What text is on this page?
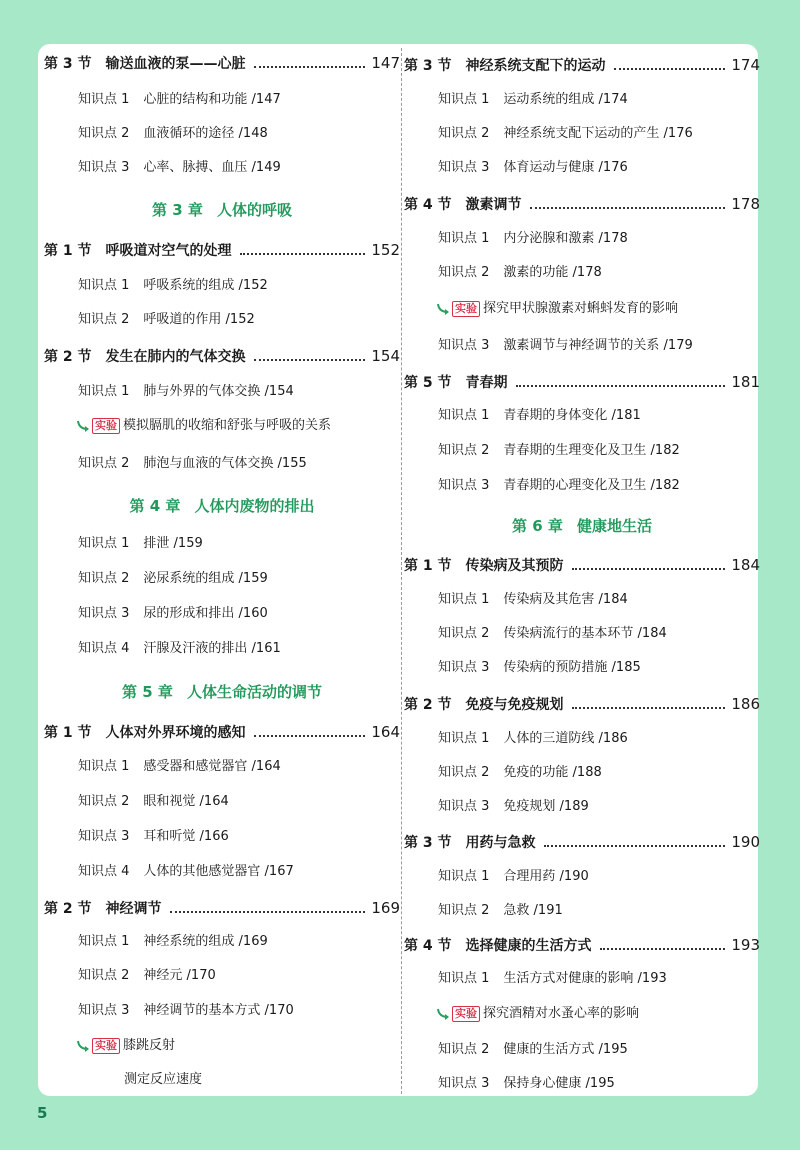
第 3 节 输送血液的泵——心脏	147
知识点 1 心脏的结构和功能 /147
知识点 2 血液循环的途径 /148
知识点 3 心率、脉搏、血压 /149
第 3 章 人体的呼吸
第 1 节 呼吸道对空气的处理	152
知识点 1 呼吸系统的组成 /152
知识点 2 呼吸道的作用 /152
第 2 节 发生在肺内的气体交换	154
知识点 1 肺与外界的气体交换 /154
实验 模拟膈肌的收缩和舒张与呼吸的关系
知识点 2 肺泡与血液的气体交换 /155
第 4 章 人体内废物的排出
知识点 1 排泄 /159
知识点 2 泌尿系统的组成 /159
知识点 3 尿的形成和排出 /160
知识点 4 汗腺及汗液的排出 /161
第 5 章 人体生命活动的调节
第 1 节 人体对外界环境的感知	164
知识点 1 感受器和感觉器官 /164
知识点 2 眼和视觉 /164
知识点 3 耳和听觉 /166
知识点 4 人体的其他感觉器官 /167
第 2 节 神经调节	169
知识点 1 神经系统的组成 /169
知识点 2 神经元 /170
知识点 3 神经调节的基本方式 /170
实验 膝跳反射
测定反应速度
第 3 节 神经系统支配下的运动	174
知识点 1 运动系统的组成 /174
知识点 2 神经系统支配下运动的产生 /176
知识点 3 体育运动与健康 /176
第 4 节 激素调节	178
知识点 1 内分泌腺和激素 /178
知识点 2 激素的功能 /178
实验 探究甲状腺激素对蝌蚪发育的影响
知识点 3 激素调节与神经调节的关系 /179
第 5 节 青春期	181
知识点 1 青春期的身体变化 /181
知识点 2 青春期的生理变化及卫生 /182
知识点 3 青春期的心理变化及卫生 /182
第 6 章 健康地生活
第 1 节 传染病及其预防	184
知识点 1 传染病及其危害 /184
知识点 2 传染病流行的基本环节 /184
知识点 3 传染病的预防措施 /185
第 2 节 免疫与免疫规划	186
知识点 1 人体的三道防线 /186
知识点 2 免疫的功能 /188
知识点 3 免疫规划 /189
第 3 节 用药与急救	190
知识点 1 合理用药 /190
知识点 2 急救 /191
第 4 节 选择健康的生活方式	193
知识点 1 生活方式对健康的影响 /193
实验 探究酒精对水蚤心率的影响
知识点 2 健康的生活方式 /195
知识点 3 保持身心健康 /195
5
